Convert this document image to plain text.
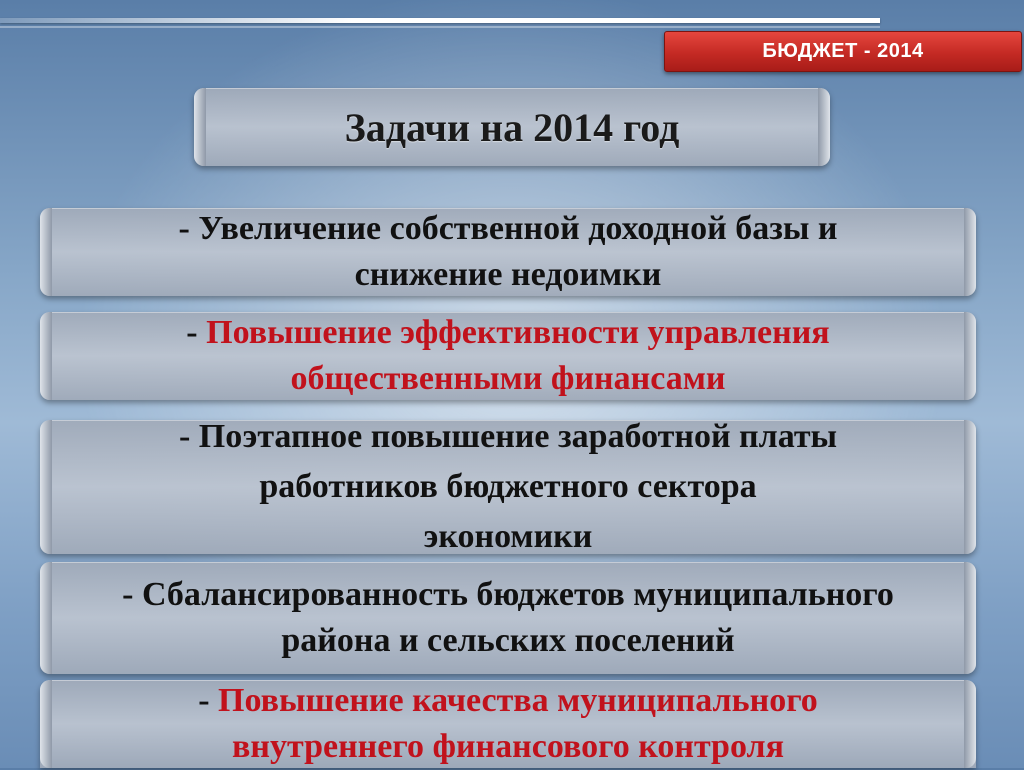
БЮДЖЕТ - 2014
Задачи на 2014 год
- Увеличение собственной доходной базы и
снижение недоимки
- Повышение эффективности управления
общественными финансами
- Поэтапное повышение заработной платы
работников бюджетного сектора
экономики
- Сбалансированность бюджетов муниципального
района и сельских поселений
- Повышение качества муниципального
внутреннего финансового контроля
